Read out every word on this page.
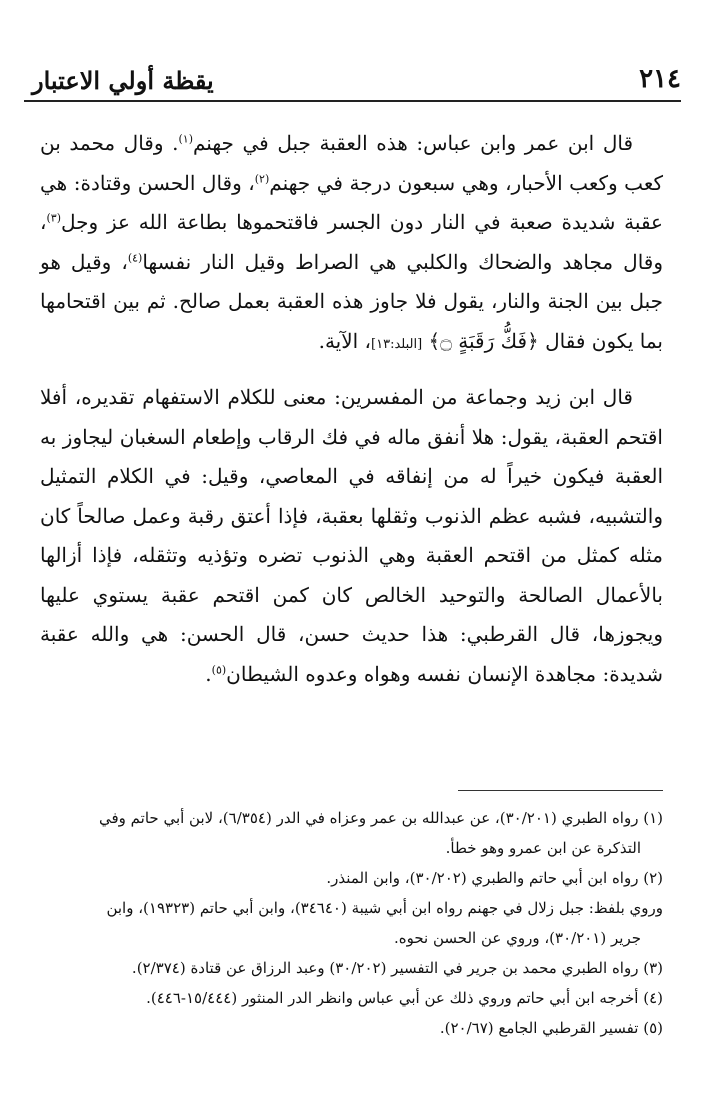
٢١٤
يقظة أولي الاعتبار

قال ابن عمر وابن عباس: هذه العقبة جبل في جهنم$^{(١)}$. وقال محمد بن كعب وكعب الأحبار، وهي سبعون درجة في جهنم$^{(٢)}$، وقال الحسن وقتادة: هي عقبة شديدة صعبة في النار دون الجسر فاقتحموها بطاعة الله عز وجل$^{(٣)}$، وقال مجاهد والضحاك والكلبي هي الصراط وقيل النار نفسها$^{(٤)}$، وقيل هو جبل بين الجنة والنار، يقول فلا جاوز هذه العقبة بعمل صالح. ثم بين اقتحامها بما يكون فقال ﴿فَكُّ رَقَبَةٍ ۝﴾ [البلد:١٣]، الآية.

قال ابن زيد وجماعة من المفسرين: معنى للكلام الاستفهام تقديره، أفلا اقتحم العقبة، يقول: هلا أنفق ماله في فك الرقاب وإطعام السغبان ليجاوز به العقبة فيكون خيراً له من إنفاقه في المعاصي، وقيل: في الكلام التمثيل والتشبيه، فشبه عظم الذنوب وثقلها بعقبة، فإذا أعتق رقبة وعمل صالحاً كان مثله كمثل من اقتحم العقبة وهي الذنوب تضره وتؤذيه وتثقله، فإذا أزالها بالأعمال الصالحة والتوحيد الخالص كان كمن اقتحم عقبة يستوي عليها ويجوزها، قال القرطبي: هذا حديث حسن، قال الحسن: هي والله عقبة شديدة: مجاهدة الإنسان نفسه وهواه وعدوه الشيطان$^{(٥)}$.

(١) رواه الطبري (٣٠/٢٠١)، عن عبدالله بن عمر وعزاه في الدر (٦/٣٥٤)، لابن أبي حاتم وفي

التذكرة عن ابن عمرو وهو خطأ.

(٢) رواه ابن أبي حاتم والطبري (٣٠/٢٠٢)، وابن المنذر.

وروي بلفظ: جبل زلال في جهنم رواه ابن أبي شيبة (٣٤٦٤٠)، وابن أبي حاتم (١٩٣٢٣)، وابن

جرير (٣٠/٢٠١)، وروي عن الحسن نحوه.

(٣) رواه الطبري محمد بن جرير في التفسير (٣٠/٢٠٢) وعبد الرزاق عن قتادة (٢/٣٧٤).

(٤) أخرجه ابن أبي حاتم وروي ذلك عن أبي عباس وانظر الدر المنثور (١٥/٤٤٤-٤٤٦).

(٥) تفسير القرطبي الجامع (٢٠/٦٧).
